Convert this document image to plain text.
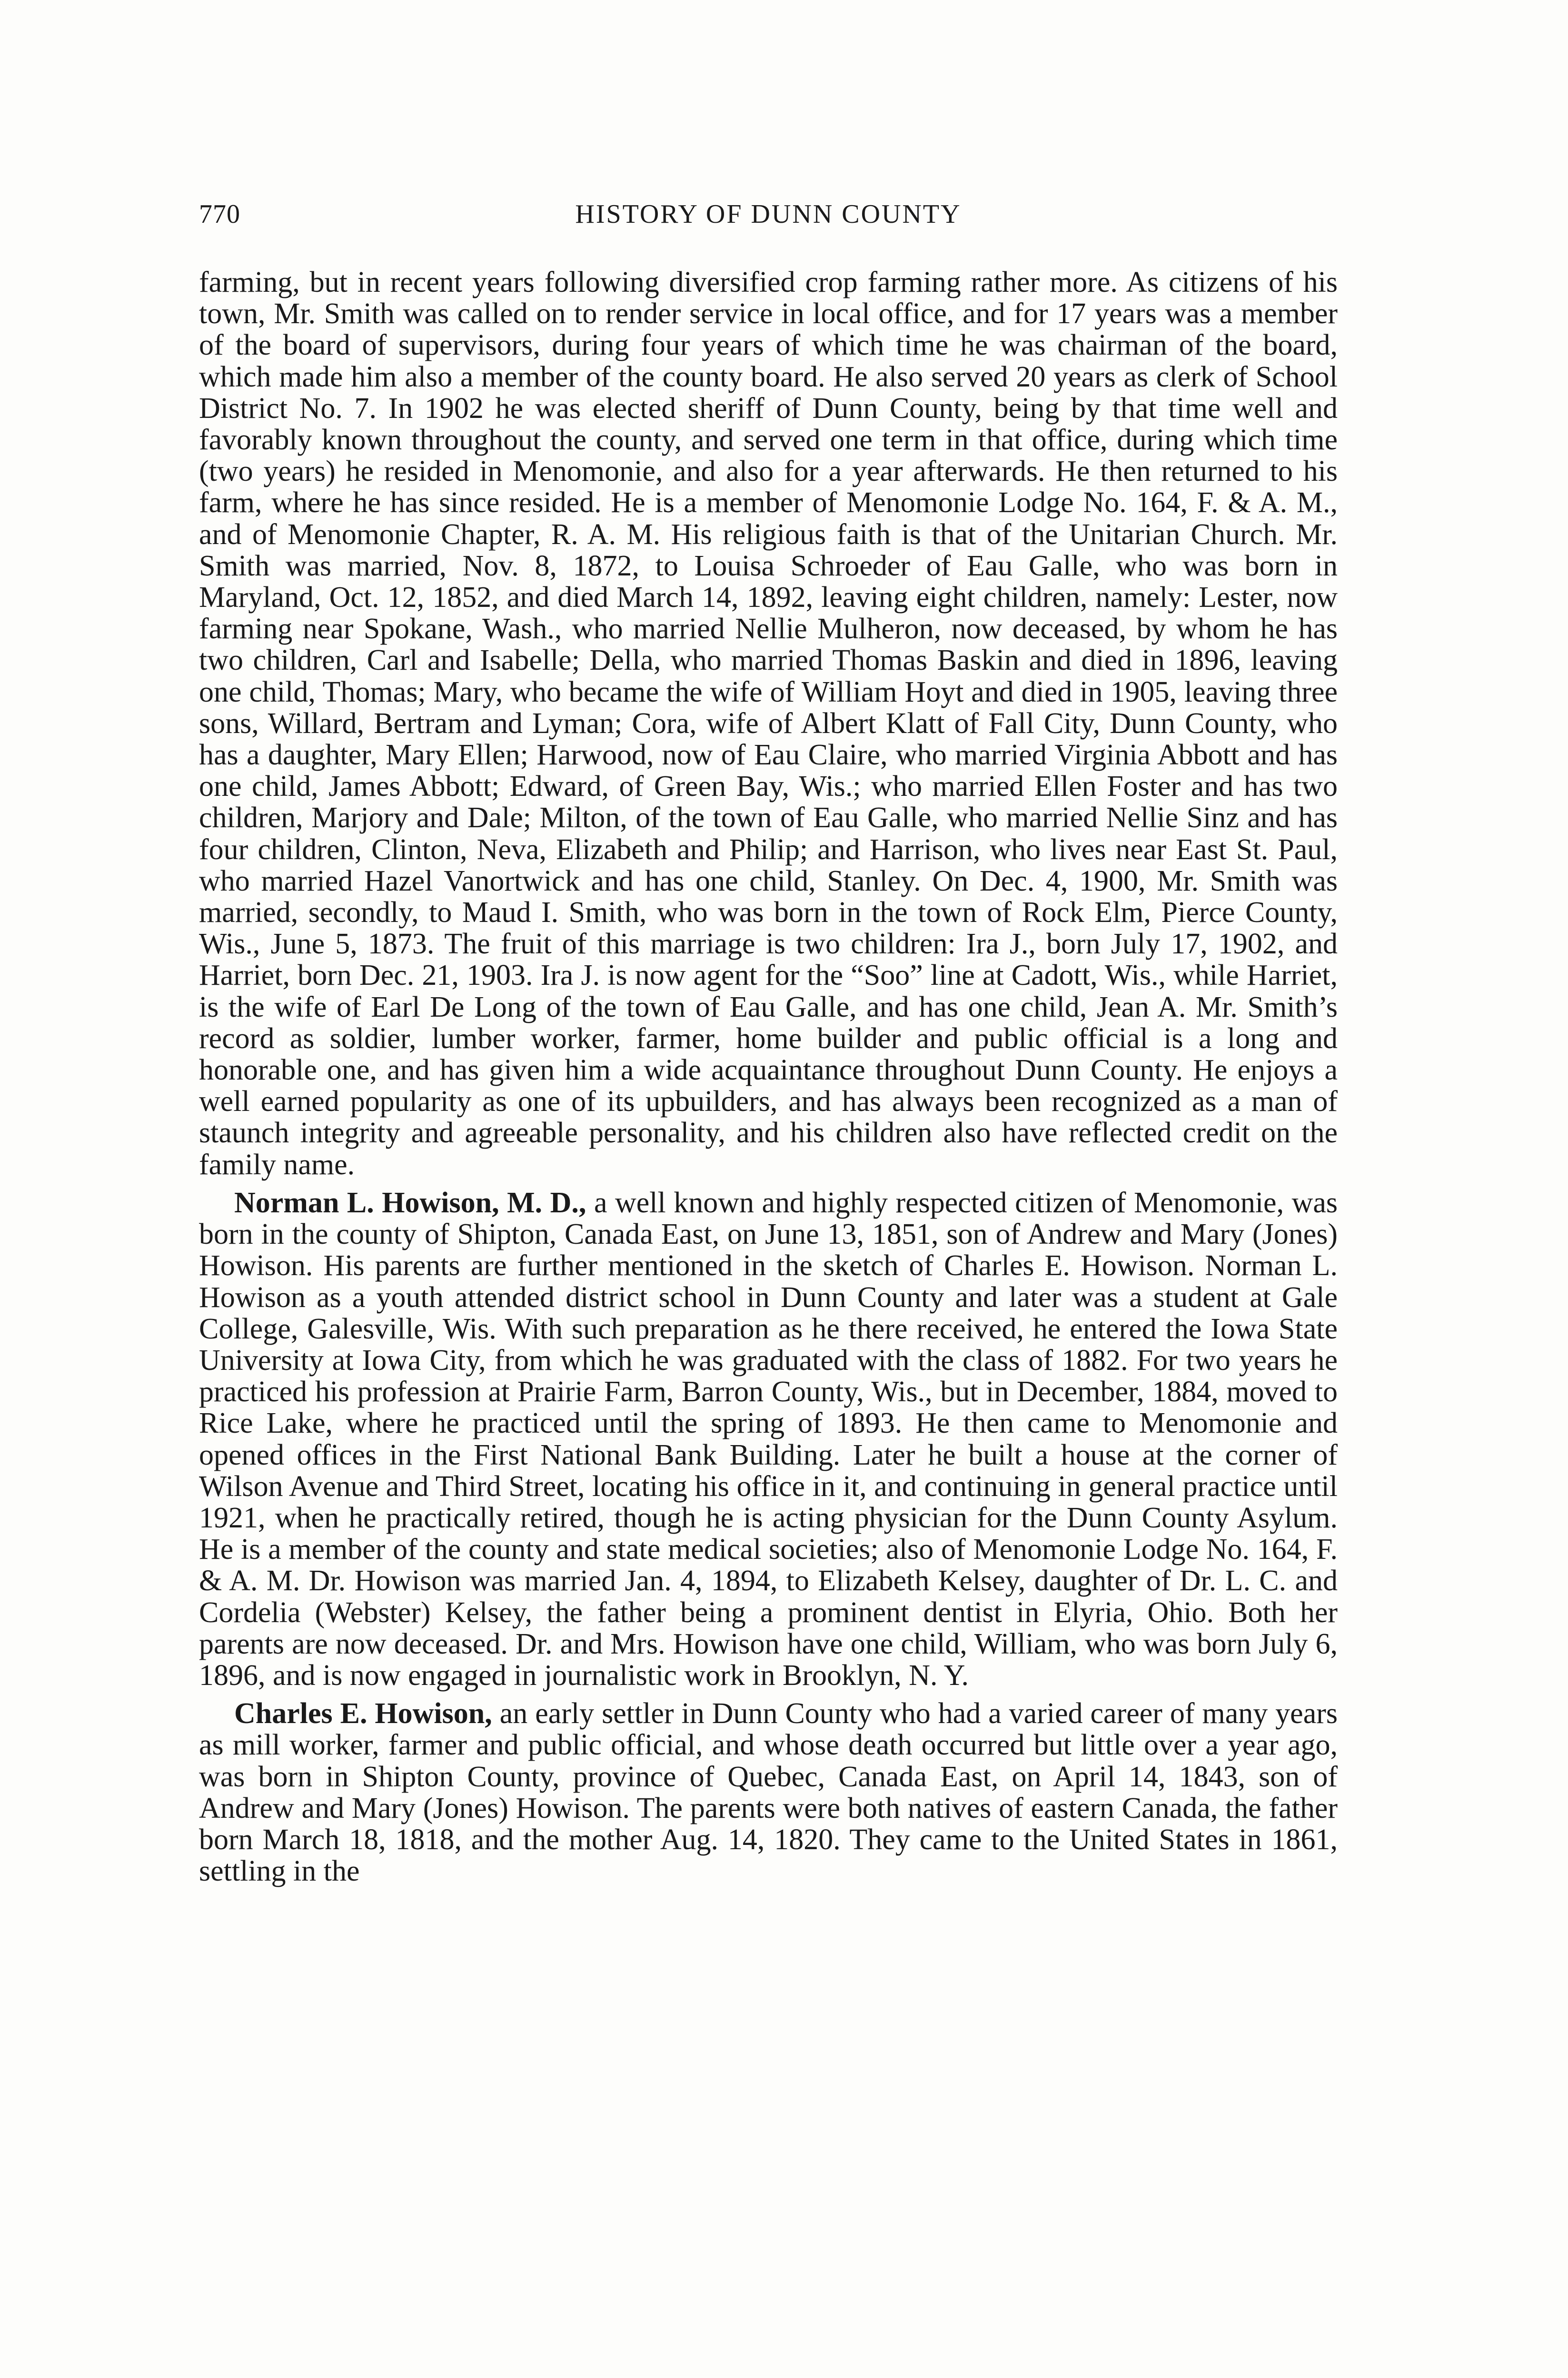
770	HISTORY OF DUNN COUNTY

farming, but in recent years following diversified crop farming rather more. As citizens of his town, Mr. Smith was called on to render service in local office, and for 17 years was a member of the board of supervisors, during four years of which time he was chairman of the board, which made him also a member of the county board. He also served 20 years as clerk of School District No. 7. In 1902 he was elected sheriff of Dunn County, being by that time well and favorably known throughout the county, and served one term in that office, during which time (two years) he resided in Menomonie, and also for a year afterwards. He then returned to his farm, where he has since resided. He is a member of Menomonie Lodge No. 164, F. & A. M., and of Menomonie Chapter, R. A. M. His religious faith is that of the Unitarian Church. Mr. Smith was married, Nov. 8, 1872, to Louisa Schroeder of Eau Galle, who was born in Maryland, Oct. 12, 1852, and died March 14, 1892, leaving eight children, namely: Lester, now farming near Spokane, Wash., who married Nellie Mulheron, now deceased, by whom he has two children, Carl and Isabelle; Della, who married Thomas Baskin and died in 1896, leaving one child, Thomas; Mary, who became the wife of William Hoyt and died in 1905, leaving three sons, Willard, Bertram and Lyman; Cora, wife of Albert Klatt of Fall City, Dunn County, who has a daughter, Mary Ellen; Harwood, now of Eau Claire, who married Virginia Abbott and has one child, James Abbott; Edward, of Green Bay, Wis.; who married Ellen Foster and has two children, Marjory and Dale; Milton, of the town of Eau Galle, who married Nellie Sinz and has four children, Clinton, Neva, Elizabeth and Philip; and Harrison, who lives near East St. Paul, who married Hazel Vanortwick and has one child, Stanley. On Dec. 4, 1900, Mr. Smith was married, secondly, to Maud I. Smith, who was born in the town of Rock Elm, Pierce County, Wis., June 5, 1873. The fruit of this marriage is two children: Ira J., born July 17, 1902, and Harriet, born Dec. 21, 1903. Ira J. is now agent for the “Soo” line at Cadott, Wis., while Harriet, is the wife of Earl De Long of the town of Eau Galle, and has one child, Jean A. Mr. Smith’s record as soldier, lumber worker, farmer, home builder and public official is a long and honorable one, and has given him a wide acquaintance throughout Dunn County. He enjoys a well earned popularity as one of its upbuilders, and has always been recognized as a man of staunch integrity and agreeable personality, and his children also have reflected credit on the family name.

Norman L. Howison, M. D., a well known and highly respected citizen of Menomonie, was born in the county of Shipton, Canada East, on June 13, 1851, son of Andrew and Mary (Jones) Howison. His parents are further mentioned in the sketch of Charles E. Howison. Norman L. Howison as a youth attended district school in Dunn County and later was a student at Gale College, Galesville, Wis. With such preparation as he there received, he entered the Iowa State University at Iowa City, from which he was graduated with the class of 1882. For two years he practiced his profession at Prairie Farm, Barron County, Wis., but in December, 1884, moved to Rice Lake, where he practiced until the spring of 1893. He then came to Menomonie and opened offices in the First National Bank Building. Later he built a house at the corner of Wilson Avenue and Third Street, locating his office in it, and continuing in general practice until 1921, when he practically retired, though he is acting physician for the Dunn County Asylum. He is a member of the county and state medical societies; also of Menomonie Lodge No. 164, F. & A. M. Dr. Howison was married Jan. 4, 1894, to Elizabeth Kelsey, daughter of Dr. L. C. and Cordelia (Webster) Kelsey, the father being a prominent dentist in Elyria, Ohio. Both her parents are now deceased. Dr. and Mrs. Howison have one child, William, who was born July 6, 1896, and is now engaged in journalistic work in Brooklyn, N. Y.

Charles E. Howison, an early settler in Dunn County who had a varied career of many years as mill worker, farmer and public official, and whose death occurred but little over a year ago, was born in Shipton County, province of Quebec, Canada East, on April 14, 1843, son of Andrew and Mary (Jones) Howison. The parents were both natives of eastern Canada, the father born March 18, 1818, and the mother Aug. 14, 1820. They came to the United States in 1861, settling in the
